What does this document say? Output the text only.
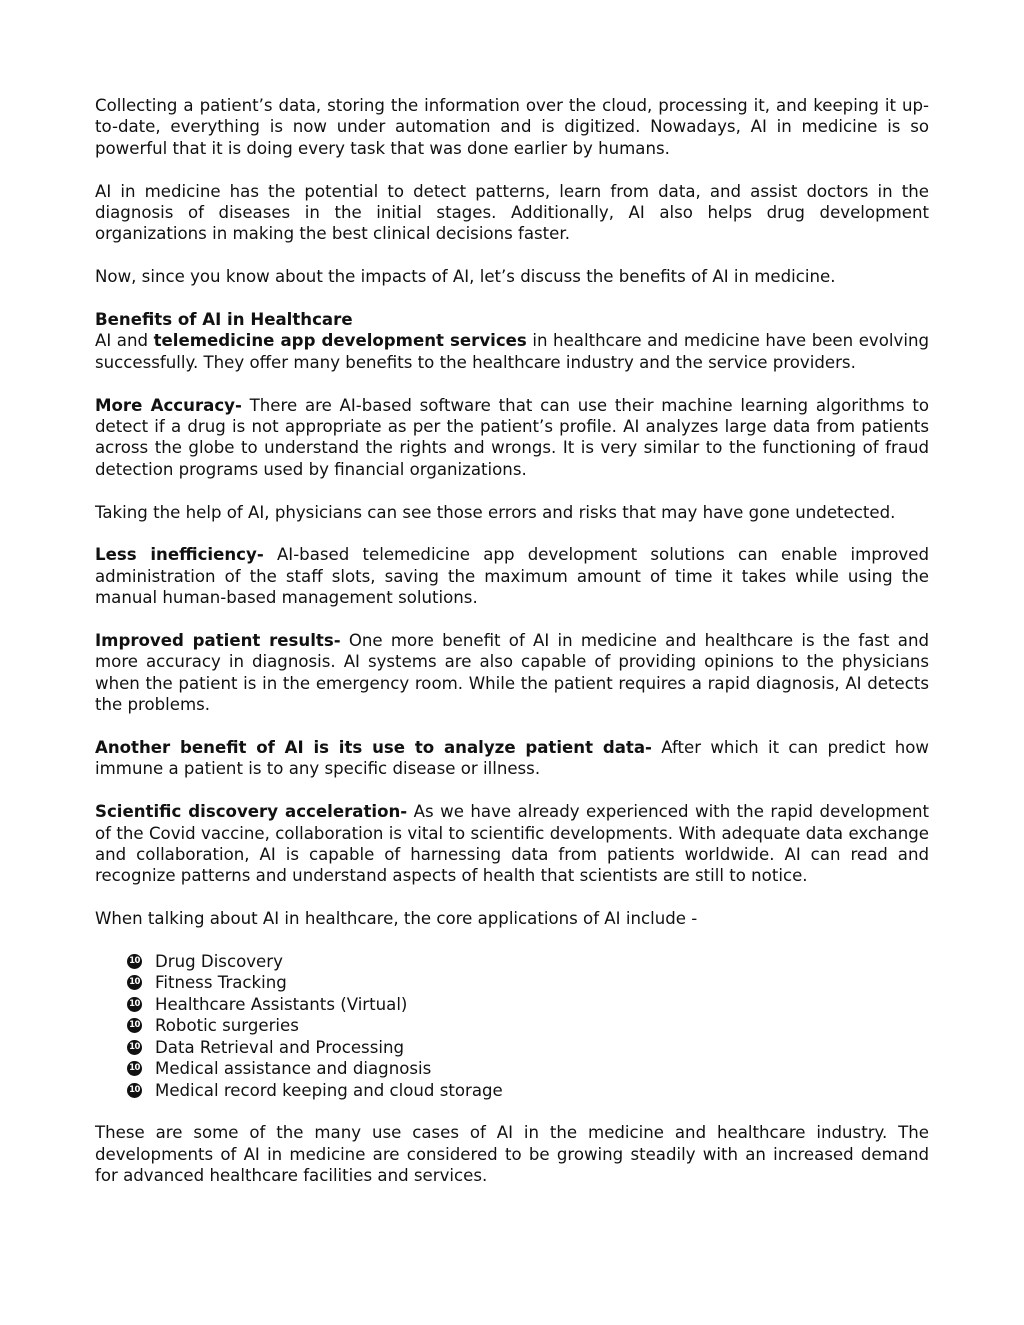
Collecting a patient’s data, storing the information over the cloud, processing it, and keeping it up-to-date, everything is now under automation and is digitized. Nowadays, AI in medicine is so powerful that it is doing every task that was done earlier by humans.

AI in medicine has the potential to detect patterns, learn from data, and assist doctors in the diagnosis of diseases in the initial stages. Additionally, AI also helps drug development organizations in making the best clinical decisions faster.

Now, since you know about the impacts of AI, let’s discuss the benefits of AI in medicine.

Benefits of AI in Healthcare

AI and telemedicine app development services in healthcare and medicine have been evolving successfully. They offer many benefits to the healthcare industry and the service providers.

More Accuracy- There are AI-based software that can use their machine learning algorithms to detect if a drug is not appropriate as per the patient’s profile. AI analyzes large data from patients across the globe to understand the rights and wrongs. It is very similar to the functioning of fraud detection programs used by financial organizations.

Taking the help of AI, physicians can see those errors and risks that may have gone undetected.

Less inefficiency- AI-based telemedicine app development solutions can enable improved administration of the staff slots, saving the maximum amount of time it takes while using the manual human-based management solutions.

Improved patient results- One more benefit of AI in medicine and healthcare is the fast and more accuracy in diagnosis. AI systems are also capable of providing opinions to the physicians when the patient is in the emergency room. While the patient requires a rapid diagnosis, AI detects the problems.

Another benefit of AI is its use to analyze patient data- After which it can predict how immune a patient is to any specific disease or illness.

Scientific discovery acceleration- As we have already experienced with the rapid development of the Covid vaccine, collaboration is vital to scientific developments. With adequate data exchange and collaboration, AI is capable of harnessing data from patients worldwide. AI can read and recognize patterns and understand aspects of health that scientists are still to notice.

When talking about AI in healthcare, the core applications of AI include -

10 Drug Discovery
10 Fitness Tracking
10 Healthcare Assistants (Virtual)
10 Robotic surgeries
10 Data Retrieval and Processing
10 Medical assistance and diagnosis
10 Medical record keeping and cloud storage

These are some of the many use cases of AI in the medicine and healthcare industry. The developments of AI in medicine are considered to be growing steadily with an increased demand for advanced healthcare facilities and services.
